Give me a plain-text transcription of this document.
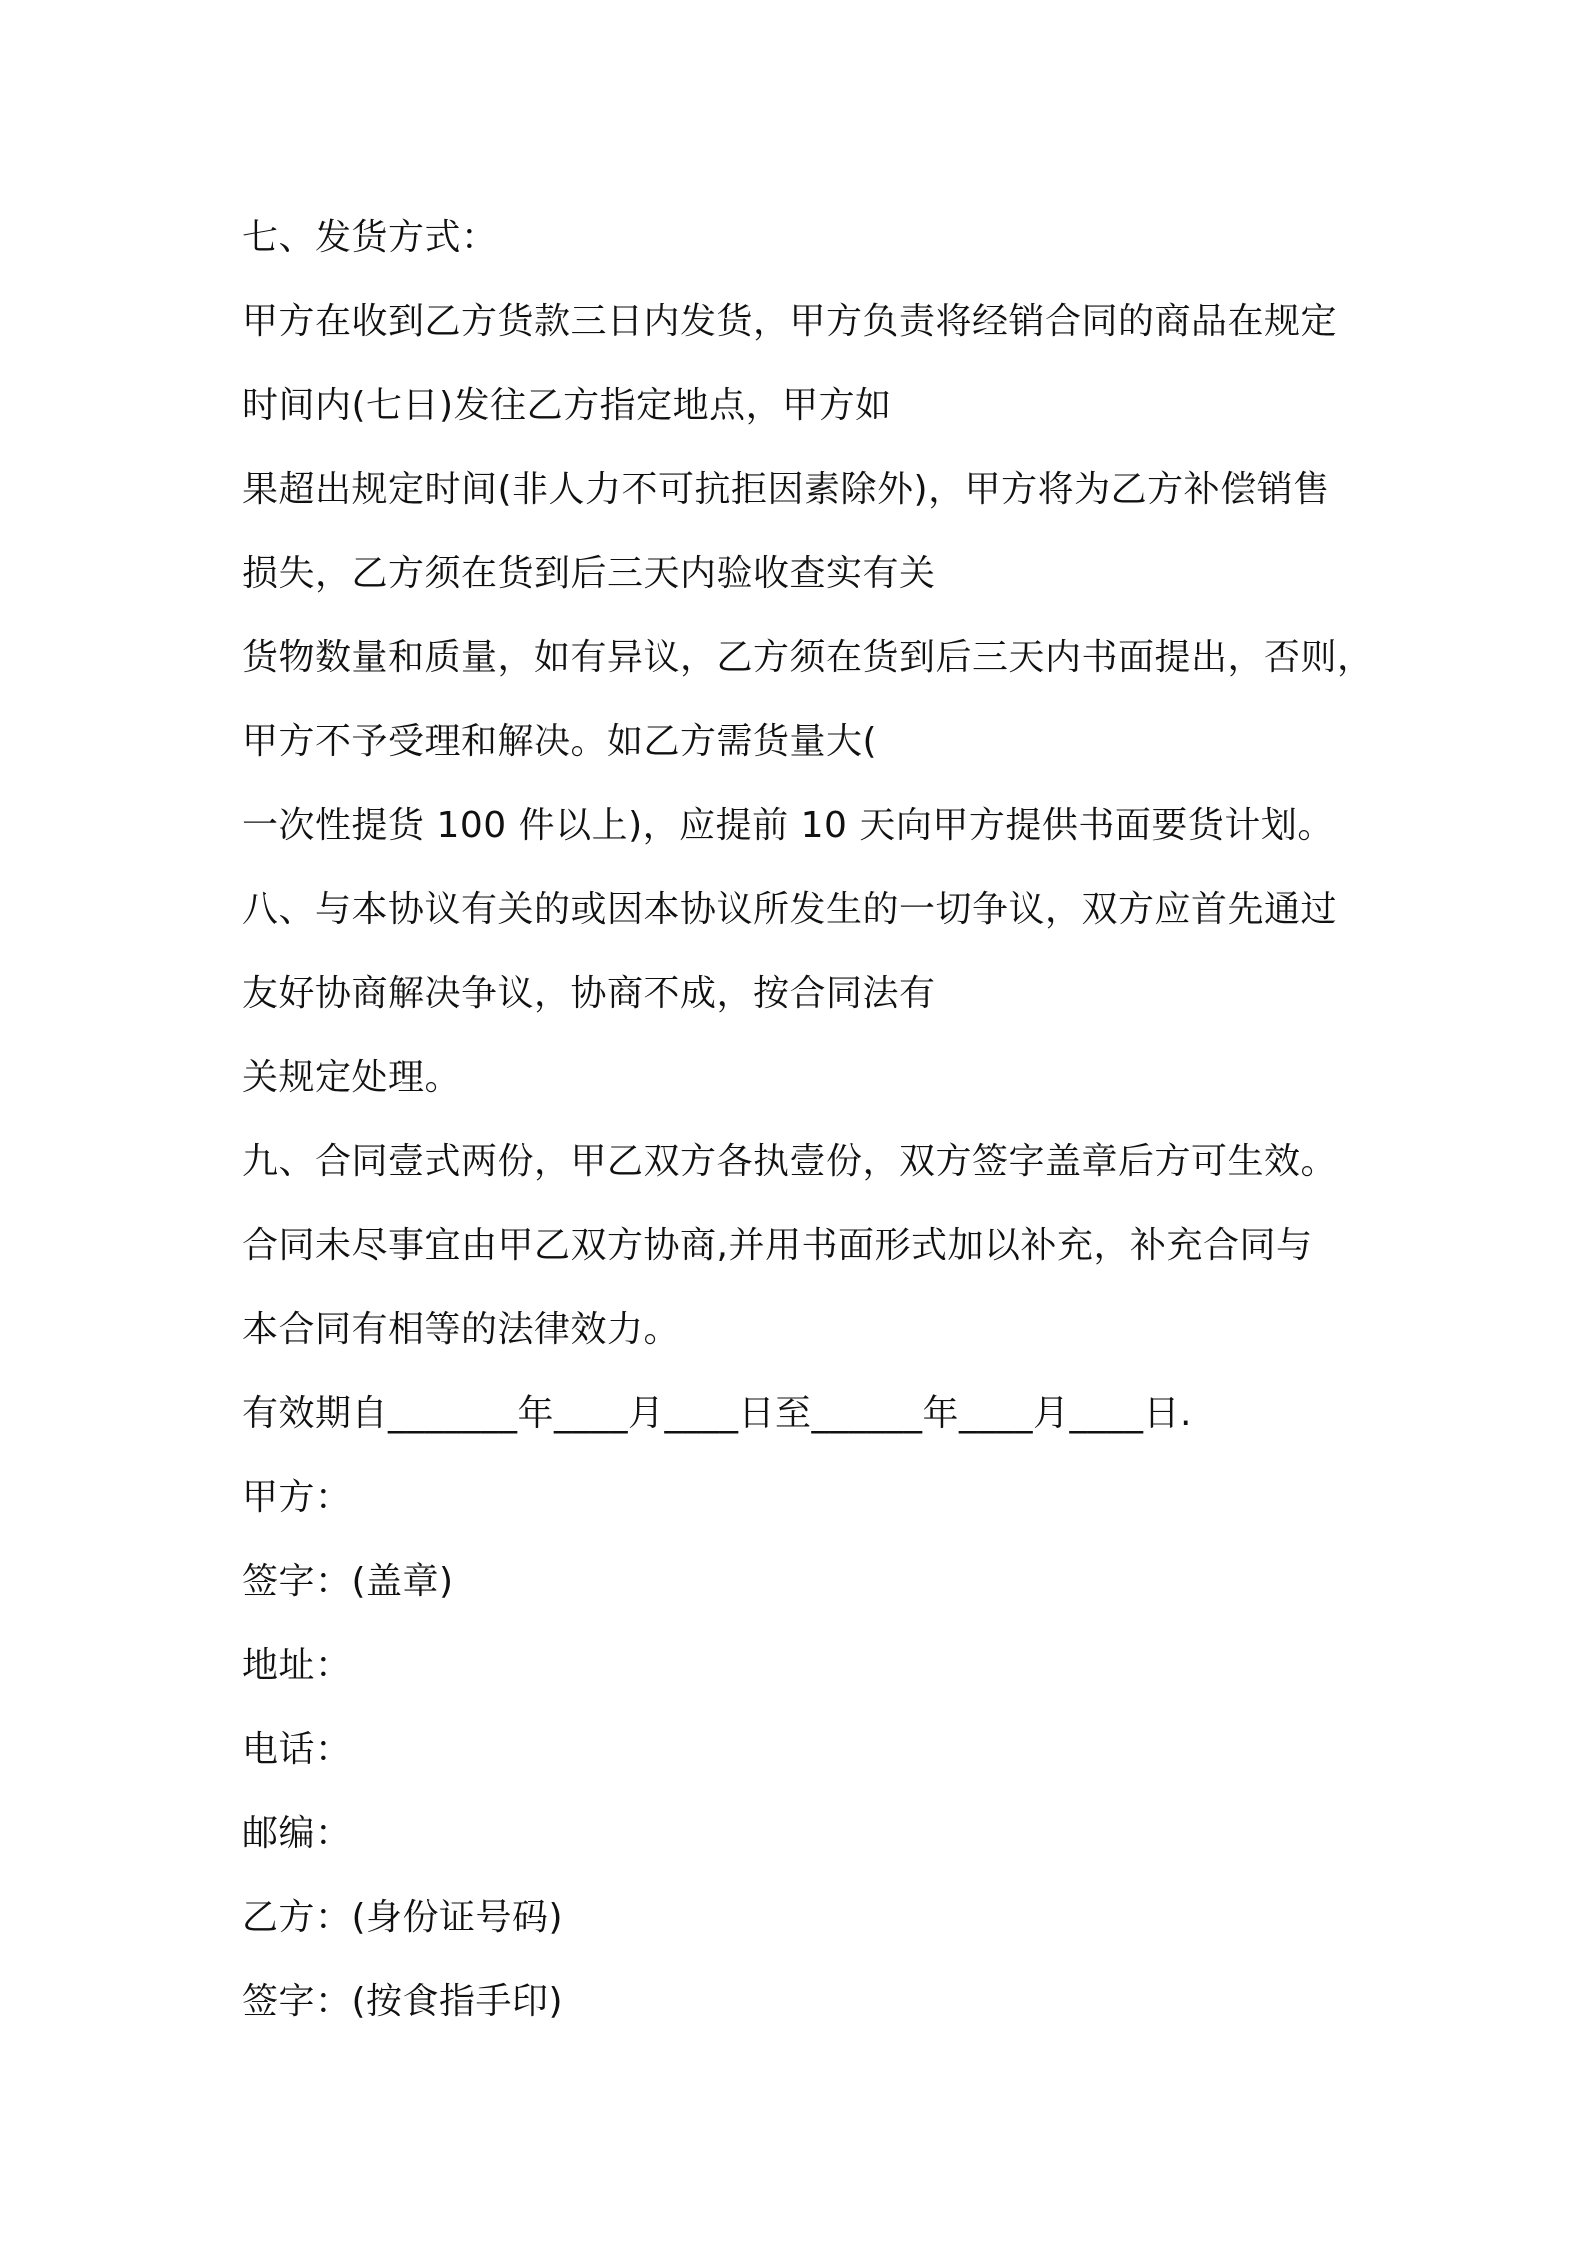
七、发货方式：
甲方在收到乙方货款三日内发货，甲方负责将经销合同的商品在规定
时间内(七日)发往乙方指定地点，甲方如
果超出规定时间(非人力不可抗拒因素除外)，甲方将为乙方补偿销售
损失，乙方须在货到后三天内验收查实有关
货物数量和质量，如有异议，乙方须在货到后三天内书面提出，否则，
甲方不予受理和解决。如乙方需货量大(
一次性提货 100 件以上)，应提前 10 天向甲方提供书面要货计划。
八、与本协议有关的或因本协议所发生的一切争议，双方应首先通过
友好协商解决争议，协商不成，按合同法有
关规定处理。
九、合同壹式两份，甲乙双方各执壹份，双方签字盖章后方可生效。
合同未尽事宜由甲乙双方协商,并用书面形式加以补充，补充合同与
本合同有相等的法律效力。
有效期自_______年____月____日至______年____月____日.
甲方：
签字：(盖章)
地址：
电话：
邮编：
乙方：(身份证号码)
签字：(按食指手印)
